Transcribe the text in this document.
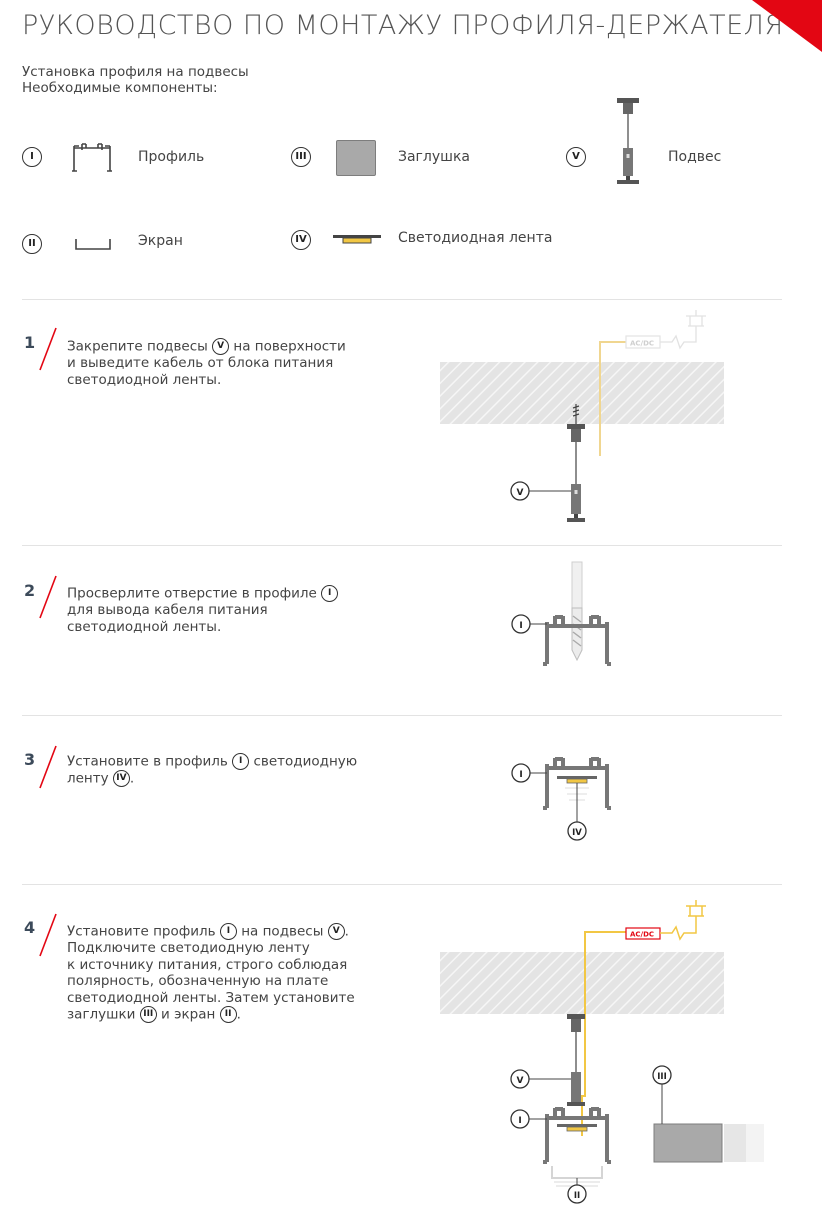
РУКОВОДСТВО ПО МОНТАЖУ ПРОФИЛЯ-ДЕРЖАТЕЛЯ
Установка профиля на подвесы
Необходимые компоненты:
I	Профиль	III	Заглушка	V	Подвес
II	Экран	IV	Светодиодная лента
1 Закрепите подвесы V на поверхности
и выведите кабель от блока питания
светодиодной ленты.
AC/DC
V
2 Просверлите отверстие в профиле I
для вывода кабеля питания
светодиодной ленты.	I
3 Установите в профиль I светодиодную
ленту IV .	I
IV
4 Установите профиль I на подвесы V .
Подключите светодиодную ленту
к источнику питания, строго соблюдая
полярность, обозначенную на плате
светодиодной ленты. Затем установите
заглушки III и экран II .
AC/DC
V
I
III
II
